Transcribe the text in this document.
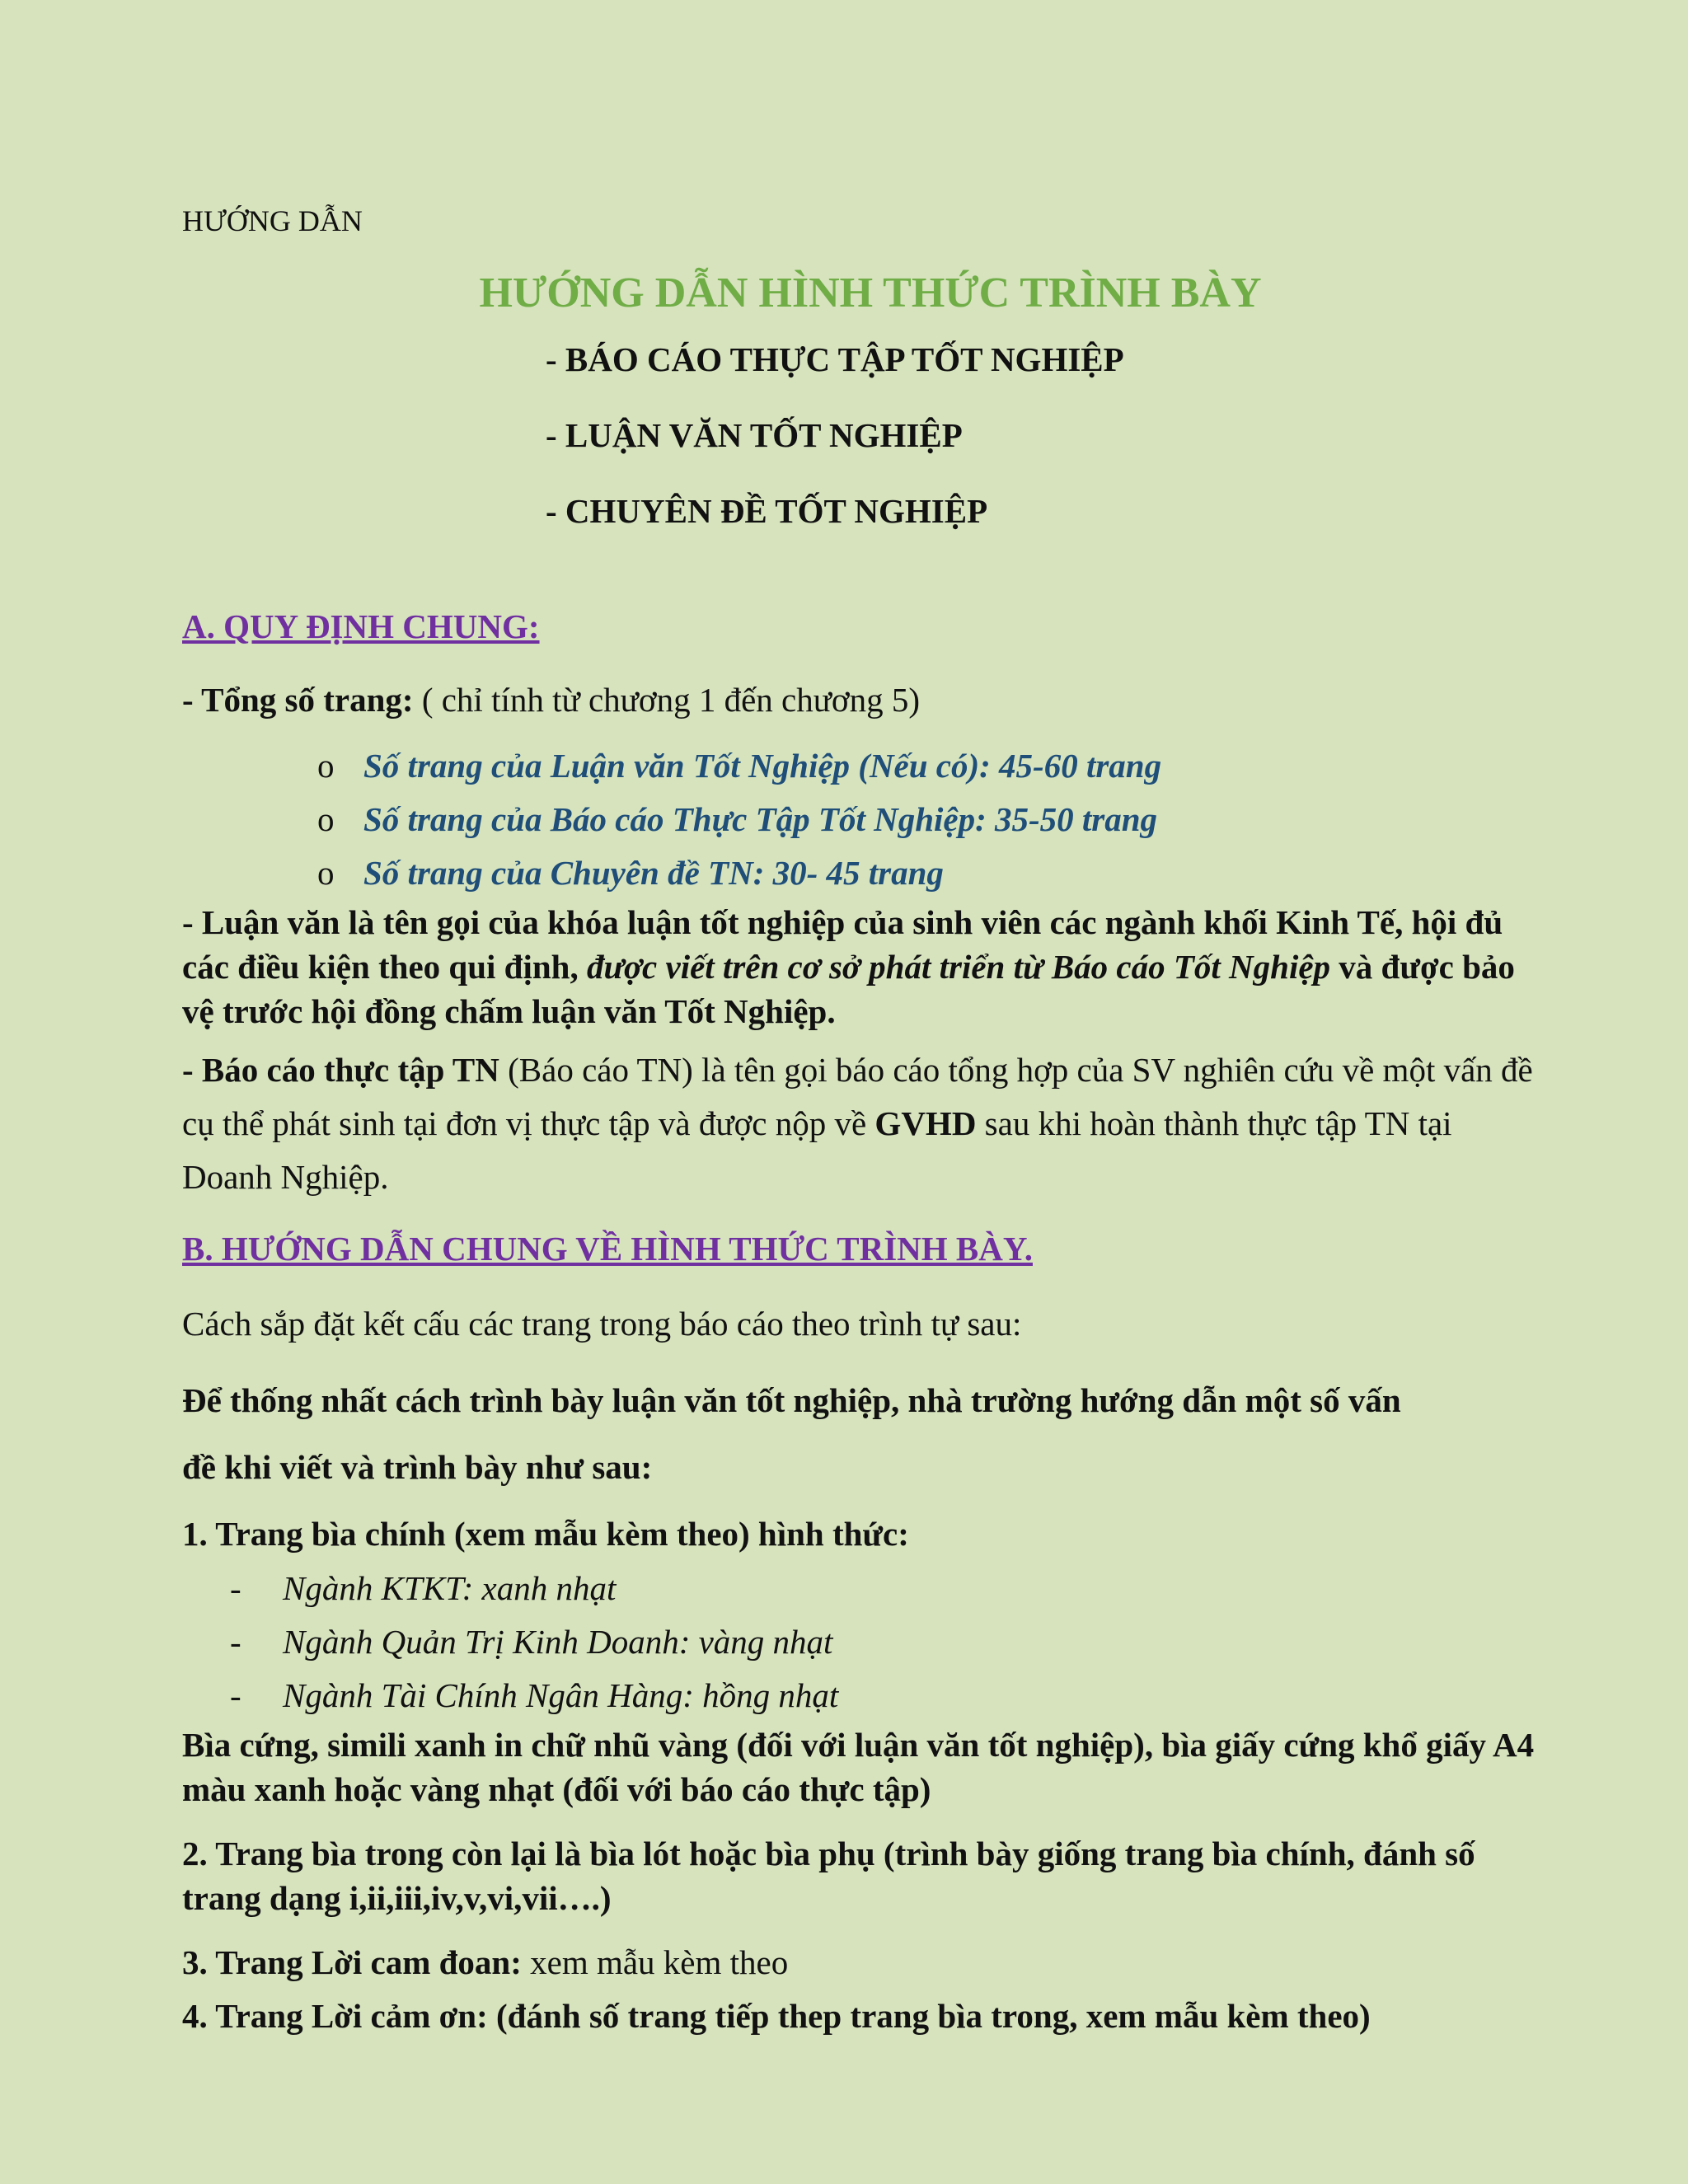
HƯỚNG DẪN

HƯỚNG DẪN HÌNH THỨC TRÌNH BÀY

- BÁO CÁO THỰC TẬP TỐT NGHIỆP

- LUẬN VĂN TỐT NGHIỆP

- CHUYÊN ĐỀ TỐT NGHIỆP

A. QUY ĐỊNH CHUNG:

- Tổng số trang: ( chỉ tính từ chương 1 đến chương 5)

o Số trang của Luận văn Tốt Nghiệp (Nếu có): 45-60 trang
o Số trang của Báo cáo Thực Tập Tốt Nghiệp: 35-50 trang
o Số trang của Chuyên đề TN: 30- 45 trang

- Luận văn là tên gọi của khóa luận tốt nghiệp của sinh viên các ngành khối Kinh Tế, hội đủ các điều kiện theo qui định, được viết trên cơ sở phát triển từ Báo cáo Tốt Nghiệp và được bảo vệ trước hội đồng chấm luận văn Tốt Nghiệp.

- Báo cáo thực tập TN (Báo cáo TN) là tên gọi báo cáo tổng hợp của SV nghiên cứu về một vấn đề cụ thể phát sinh tại đơn vị thực tập và được nộp về GVHD sau khi hoàn thành thực tập TN tại Doanh Nghiệp.

B. HƯỚNG DẪN CHUNG VỀ HÌNH THỨC TRÌNH BÀY.

Cách sắp đặt kết cấu các trang trong báo cáo theo trình tự sau:

Để thống nhất cách trình bày luận văn tốt nghiệp, nhà trường hướng dẫn một số vấn

đề khi viết và trình bày như sau:

1. Trang bìa chính (xem mẫu kèm theo) hình thức:

- Ngành KTKT: xanh nhạt
- Ngành Quản Trị Kinh Doanh: vàng nhạt
- Ngành Tài Chính Ngân Hàng: hồng nhạt

Bìa cứng, simili xanh in chữ nhũ vàng (đối với luận văn tốt nghiệp), bìa giấy cứng khổ giấy A4 màu xanh hoặc vàng nhạt (đối với báo cáo thực tập)

2. Trang bìa trong còn lại là bìa lót hoặc bìa phụ (trình bày giống trang bìa chính, đánh số trang dạng i,ii,iii,iv,v,vi,vii….)

3. Trang Lời cam đoan: xem mẫu kèm theo

4. Trang Lời cảm ơn: (đánh số trang tiếp thep trang bìa trong, xem mẫu kèm theo)
